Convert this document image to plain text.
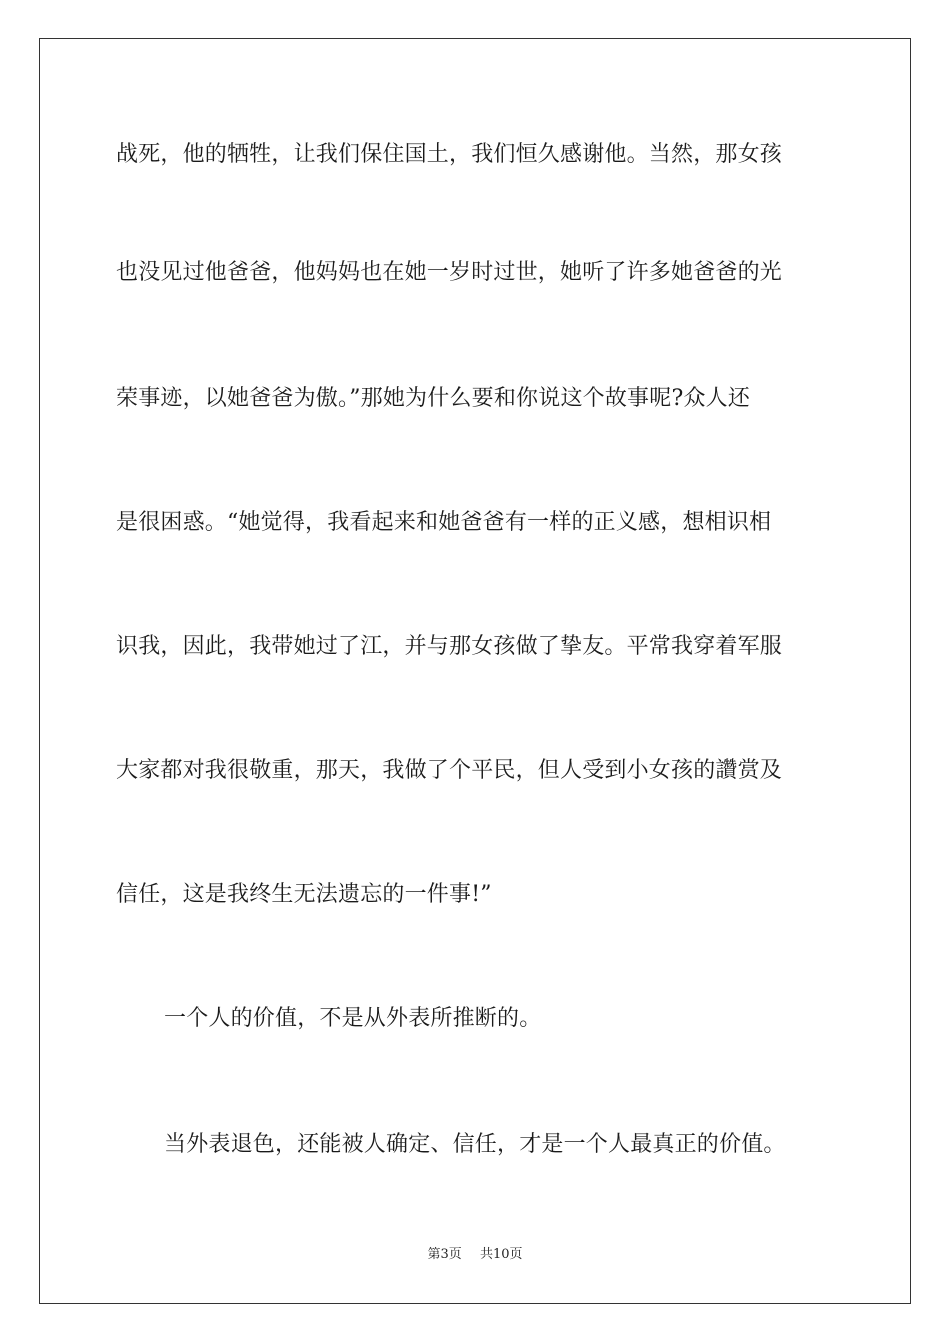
战死，他的牺牲，让我们保住国土，我们恒久感谢他。当然，那女孩
也没见过他爸爸，他妈妈也在她一岁时过世，她听了许多她爸爸的光
荣事迹，以她爸爸为傲。”那她为什么要和你说这个故事呢?众人还
是很困惑。“她觉得，我看起来和她爸爸有一样的正义感，想相识相
识我，因此，我带她过了江，并与那女孩做了挚友。平常我穿着军服
大家都对我很敬重，那天，我做了个平民，但人受到小女孩的讚赏及
信任，这是我终生无法遗忘的一件事!”
一个人的价值，不是从外表所推断的。
当外表退色，还能被人确定、信任，才是一个人最真正的价值。
第3页 共10页
